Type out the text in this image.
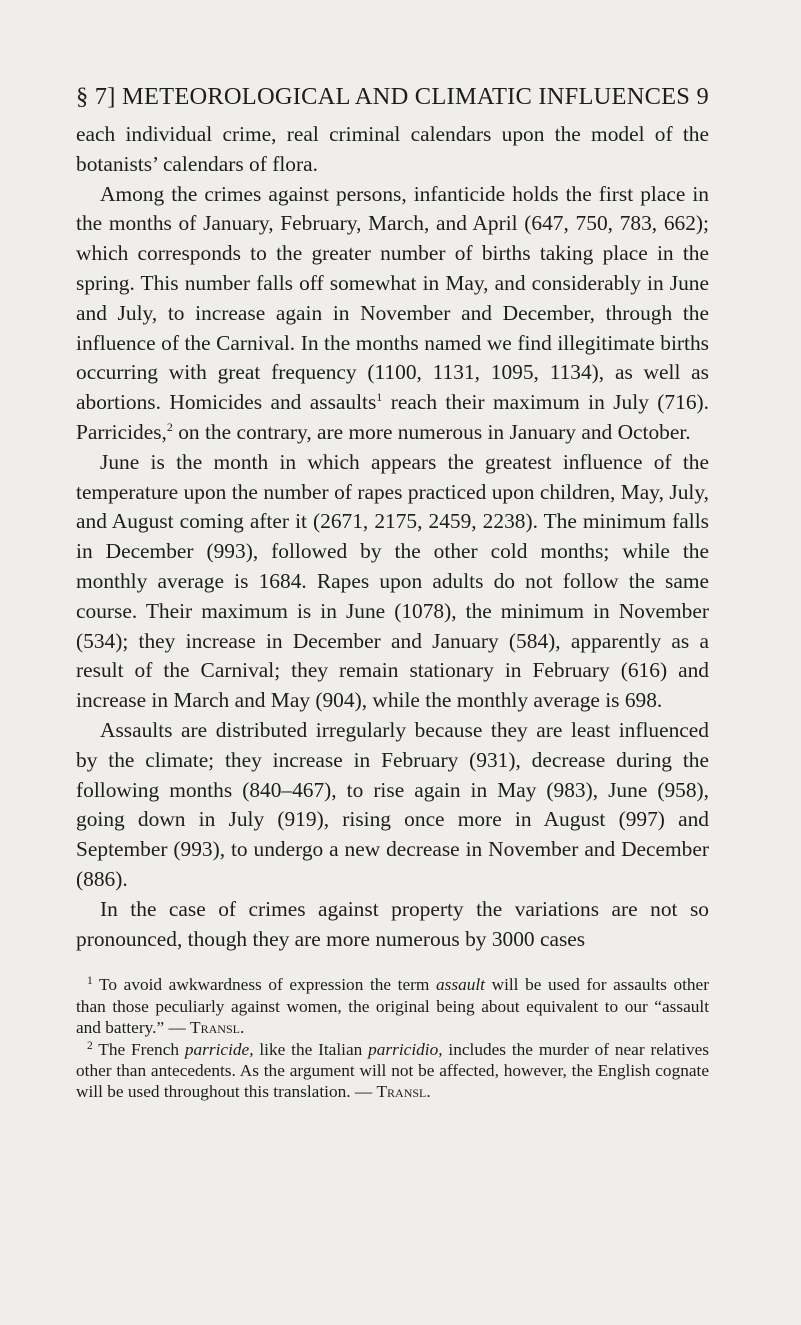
§ 7] METEOROLOGICAL AND CLIMATIC INFLUENCES 9

each individual crime, real criminal calendars upon the model of the botanists’ calendars of flora.

Among the crimes against persons, infanticide holds the first place in the months of January, February, March, and April (647, 750, 783, 662); which corresponds to the greater number of births taking place in the spring. This number falls off somewhat in May, and considerably in June and July, to increase again in November and December, through the influence of the Carnival. In the months named we find illegitimate births occurring with great frequency (1100, 1131, 1095, 1134), as well as abortions. Homicides and assaults$^1$ reach their maximum in July (716). Parricides,$^2$ on the contrary, are more numerous in January and October.

June is the month in which appears the greatest influence of the temperature upon the number of rapes practiced upon children, May, July, and August coming after it (2671, 2175, 2459, 2238). The minimum falls in December (993), followed by the other cold months; while the monthly average is 1684. Rapes upon adults do not follow the same course. Their maximum is in June (1078), the minimum in November (534); they increase in December and January (584), apparently as a result of the Carnival; they remain stationary in February (616) and increase in March and May (904), while the monthly average is 698.

Assaults are distributed irregularly because they are least influenced by the climate; they increase in February (931), decrease during the following months (840–467), to rise again in May (983), June (958), going down in July (919), rising once more in August (997) and September (993), to undergo a new decrease in November and December (886).

In the case of crimes against property the variations are not so pronounced, though they are more numerous by 3000 cases

$^1$ To avoid awkwardness of expression the term assault will be used for assaults other than those peculiarly against women, the original being about equivalent to our “assault and battery.” — Transl.

$^2$ The French parricide, like the Italian parricidio, includes the murder of near relatives other than antecedents. As the argument will not be affected, however, the English cognate will be used throughout this translation. — Transl.
